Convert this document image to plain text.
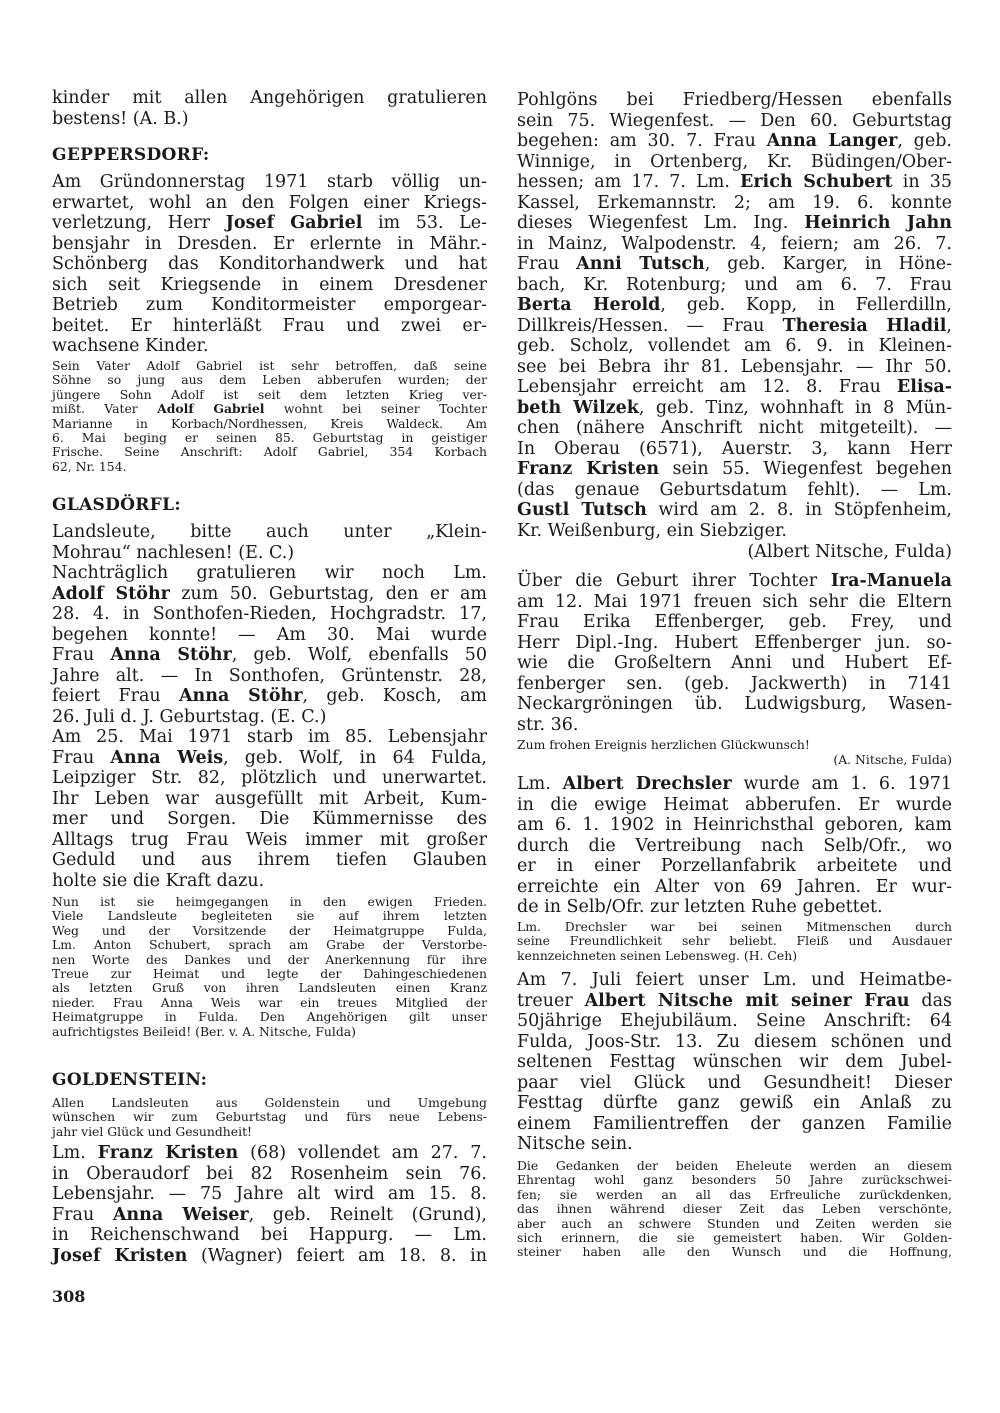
kinder mit allen Angehörigen gratulieren
bestens! (A. B.)
GEPPERSDORF:
Am Gründonnerstag 1971 starb völlig un-
erwartet, wohl an den Folgen einer Kriegs-
verletzung, Herr Josef Gabriel im 53. Le-
bensjahr in Dresden. Er erlernte in Mähr.-
Schönberg das Konditorhandwerk und hat
sich seit Kriegsende in einem Dresdener
Betrieb zum Konditormeister emporgear-
beitet. Er hinterläßt Frau und zwei er-
wachsene Kinder.
Sein Vater Adolf Gabriel ist sehr betroffen, daß seine
Söhne so jung aus dem Leben abberufen wurden; der
jüngere Sohn Adolf ist seit dem letzten Krieg ver-
mißt. Vater Adolf Gabriel wohnt bei seiner Tochter
Marianne in Korbach/Nordhessen, Kreis Waldeck. Am
6. Mai beging er seinen 85. Geburtstag in geistiger
Frische. Seine Anschrift: Adolf Gabriel, 354 Korbach
62, Nr. 154.
GLASDÖRFL:
Landsleute, bitte auch unter „Klein-
Mohrau“ nachlesen! (E. C.)
Nachträglich gratulieren wir noch Lm.
Adolf Stöhr zum 50. Geburtstag, den er am
28. 4. in Sonthofen-Rieden, Hochgradstr. 17,
begehen konnte! — Am 30. Mai wurde
Frau Anna Stöhr, geb. Wolf, ebenfalls 50
Jahre alt. — In Sonthofen, Grüntenstr. 28,
feiert Frau Anna Stöhr, geb. Kosch, am
26. Juli d. J. Geburtstag. (E. C.)
Am 25. Mai 1971 starb im 85. Lebensjahr
Frau Anna Weis, geb. Wolf, in 64 Fulda,
Leipziger Str. 82, plötzlich und unerwartet.
Ihr Leben war ausgefüllt mit Arbeit, Kum-
mer und Sorgen. Die Kümmernisse des
Alltags trug Frau Weis immer mit großer
Geduld und aus ihrem tiefen Glauben
holte sie die Kraft dazu.
Nun ist sie heimgegangen in den ewigen Frieden.
Viele Landsleute begleiteten sie auf ihrem letzten
Weg und der Vorsitzende der Heimatgruppe Fulda,
Lm. Anton Schubert, sprach am Grabe der Verstorbe-
nen Worte des Dankes und der Anerkennung für ihre
Treue zur Heimat und legte der Dahingeschiedenen
als letzten Gruß von ihren Landsleuten einen Kranz
nieder. Frau Anna Weis war ein treues Mitglied der
Heimatgruppe in Fulda. Den Angehörigen gilt unser
aufrichtigstes Beileid! (Ber. v. A. Nitsche, Fulda)
GOLDENSTEIN:
Allen Landsleuten aus Goldenstein und Umgebung
wünschen wir zum Geburtstag und fürs neue Lebens-
jahr viel Glück und Gesundheit!
Lm. Franz Kristen (68) vollendet am 27. 7.
in Oberaudorf bei 82 Rosenheim sein 76.
Lebensjahr. — 75 Jahre alt wird am 15. 8.
Frau Anna Weiser, geb. Reinelt (Grund),
in Reichenschwand bei Happurg. — Lm.
Josef Kristen (Wagner) feiert am 18. 8. in
Pohlgöns bei Friedberg/Hessen ebenfalls
sein 75. Wiegenfest. — Den 60. Geburtstag
begehen: am 30. 7. Frau Anna Langer, geb.
Winnige, in Ortenberg, Kr. Büdingen/Ober-
hessen; am 17. 7. Lm. Erich Schubert in 35
Kassel, Erkemannstr. 2; am 19. 6. konnte
dieses Wiegenfest Lm. Ing. Heinrich Jahn
in Mainz, Walpodenstr. 4, feiern; am 26. 7.
Frau Anni Tutsch, geb. Karger, in Höne-
bach, Kr. Rotenburg; und am 6. 7. Frau
Berta Herold, geb. Kopp, in Fellerdilln,
Dillkreis/Hessen. — Frau Theresia Hladil,
geb. Scholz, vollendet am 6. 9. in Kleinen-
see bei Bebra ihr 81. Lebensjahr. — Ihr 50.
Lebensjahr erreicht am 12. 8. Frau Elisa-
beth Wilzek, geb. Tinz, wohnhaft in 8 Mün-
chen (nähere Anschrift nicht mitgeteilt). —
In Oberau (6571), Auerstr. 3, kann Herr
Franz Kristen sein 55. Wiegenfest begehen
(das genaue Geburtsdatum fehlt). — Lm.
Gustl Tutsch wird am 2. 8. in Stöpfenheim,
Kr. Weißenburg, ein Siebziger.
(Albert Nitsche, Fulda)
Über die Geburt ihrer Tochter Ira-Manuela
am 12. Mai 1971 freuen sich sehr die Eltern
Frau Erika Effenberger, geb. Frey, und
Herr Dipl.-Ing. Hubert Effenberger jun. so-
wie die Großeltern Anni und Hubert Ef-
fenberger sen. (geb. Jackwerth) in 7141
Neckargröningen üb. Ludwigsburg, Wasen-
str. 36.
Zum frohen Ereignis herzlichen Glückwunsch!
(A. Nitsche, Fulda)
Lm. Albert Drechsler wurde am 1. 6. 1971
in die ewige Heimat abberufen. Er wurde
am 6. 1. 1902 in Heinrichsthal geboren, kam
durch die Vertreibung nach Selb/Ofr., wo
er in einer Porzellanfabrik arbeitete und
erreichte ein Alter von 69 Jahren. Er wur-
de in Selb/Ofr. zur letzten Ruhe gebettet.
Lm. Drechsler war bei seinen Mitmenschen durch
seine Freundlichkeit sehr beliebt. Fleiß und Ausdauer
kennzeichneten seinen Lebensweg. (H. Ceh)
Am 7. Juli feiert unser Lm. und Heimatbe-
treuer Albert Nitsche mit seiner Frau das
50jährige Ehejubiläum. Seine Anschrift: 64
Fulda, Joos-Str. 13. Zu diesem schönen und
seltenen Festtag wünschen wir dem Jubel-
paar viel Glück und Gesundheit! Dieser
Festtag dürfte ganz gewiß ein Anlaß zu
einem Familientreffen der ganzen Familie
Nitsche sein.
Die Gedanken der beiden Eheleute werden an diesem
Ehrentag wohl ganz besonders 50 Jahre zurückschwei-
fen; sie werden an all das Erfreuliche zurückdenken,
das ihnen während dieser Zeit das Leben verschönte,
aber auch an schwere Stunden und Zeiten werden sie
sich erinnern, die sie gemeistert haben. Wir Golden-
steiner haben alle den Wunsch und die Hoffnung,
308
